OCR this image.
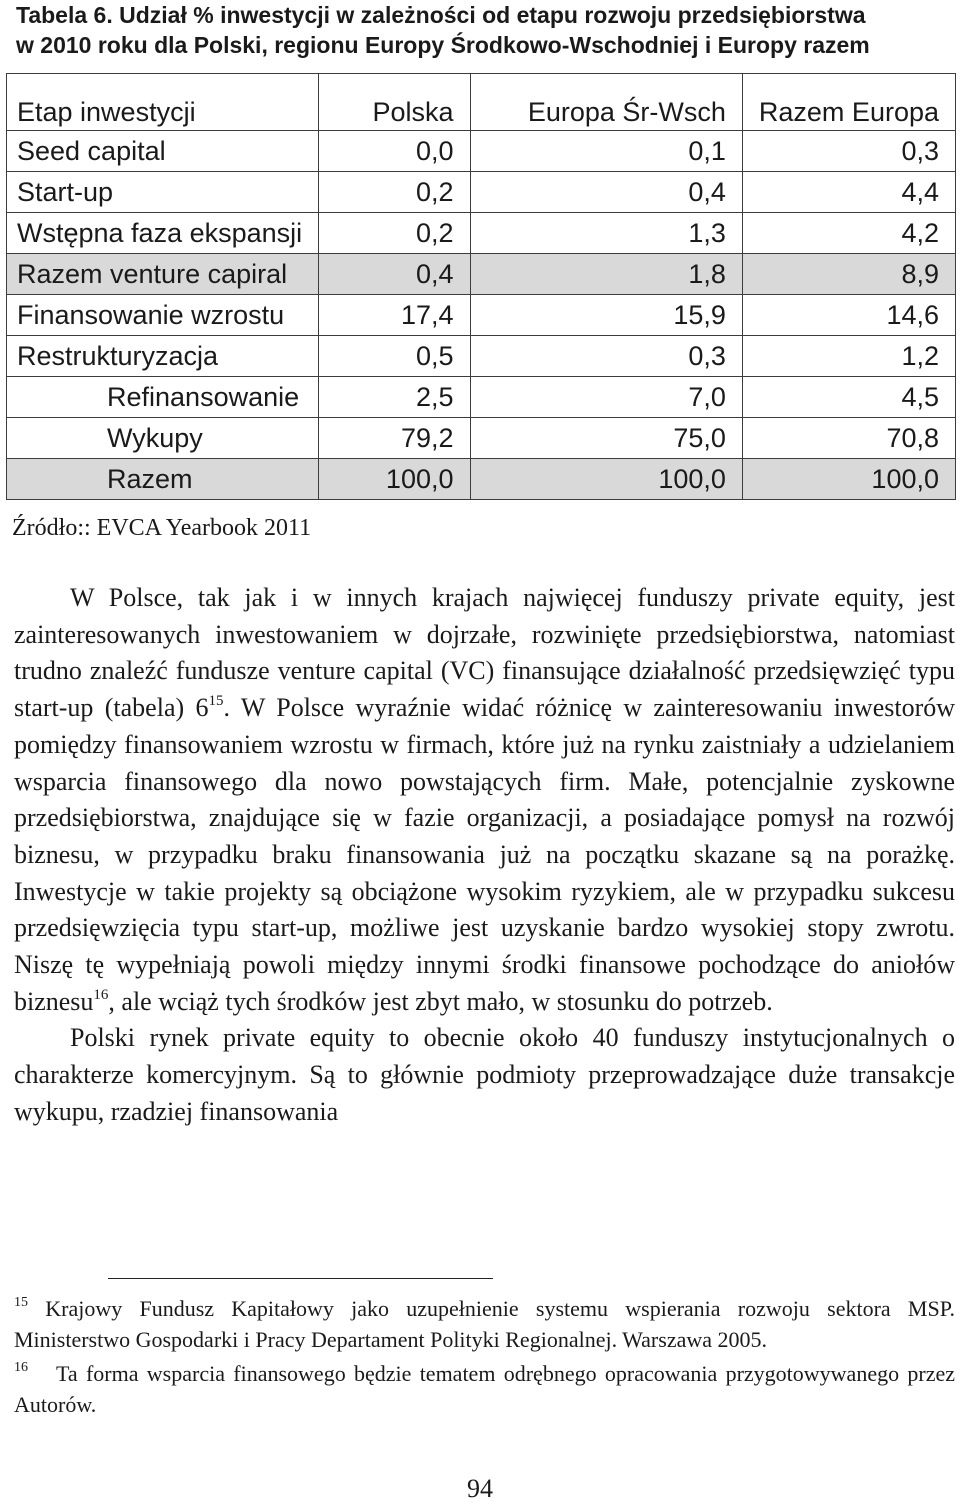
Tabela 6. Udział % inwestycji w zależności od etapu rozwoju przedsiębiorstwa
w 2010 roku dla Polski, regionu Europy Środkowo-Wschodniej i Europy razem
Etap inwestycji	Polska	Europa Śr-Wsch	Razem Europa
Seed capital	0,0	0,1	0,3
Start-up	0,2	0,4	4,4
Wstępna faza ekspansji	0,2	1,3	4,2
Razem venture capiral	0,4	1,8	8,9
Finansowanie wzrostu	17,4	15,9	14,6
Restrukturyzacja	0,5	0,3	1,2
Refinansowanie	2,5	7,0	4,5
Wykupy	79,2	75,0	70,8
Razem	100,0	100,0	100,0
Źródło:: EVCA Yearbook 2011

W Polsce, tak jak i w innych krajach najwięcej funduszy private equity, jest zainteresowanych inwestowaniem w dojrzałe, rozwinięte przedsiębiorstwa, natomiast trudno znaleźć fundusze venture capital (VC) finansujące działalność przedsięwzięć typu start-up (tabela) $6^{15}$. W Polsce wyraźnie widać różnicę w zainteresowaniu inwestorów pomiędzy finansowaniem wzrostu w firmach, które już na rynku zaistniały a udzielaniem wsparcia finansowego dla nowo powstających firm. Małe, potencjalnie zyskowne przedsiębiorstwa, znajdujące się w fazie organizacji, a posiadające pomysł na rozwój biznesu, w przypadku braku finansowania już na początku skazane są na porażkę. Inwestycje w takie projekty są obciążone wysokim ryzykiem, ale w przypadku sukcesu przedsięwzięcia typu start-up, możliwe jest uzyskanie bardzo wysokiej stopy zwrotu. Niszę tę wypełniają powoli między innymi środki finansowe pochodzące do aniołów biznesu$^{16}$, ale wciąż tych środków jest zbyt mało, w stosunku do potrzeb.

Polski rynek private equity to obecnie około 40 funduszy instytucjonalnych o charakterze komercyjnym. Są to głównie podmioty przeprowadzające duże transakcje wykupu, rzadziej finansowania

$^{15}$ Krajowy Fundusz Kapitałowy jako uzupełnienie systemu wspierania rozwoju sektora MSP. Ministerstwo Gospodarki i Pracy Departament Polityki Regionalnej. Warszawa 2005.

$^{16}$ Ta forma wsparcia finansowego będzie tematem odrębnego opracowania przygotowywanego przez Autorów.

94
